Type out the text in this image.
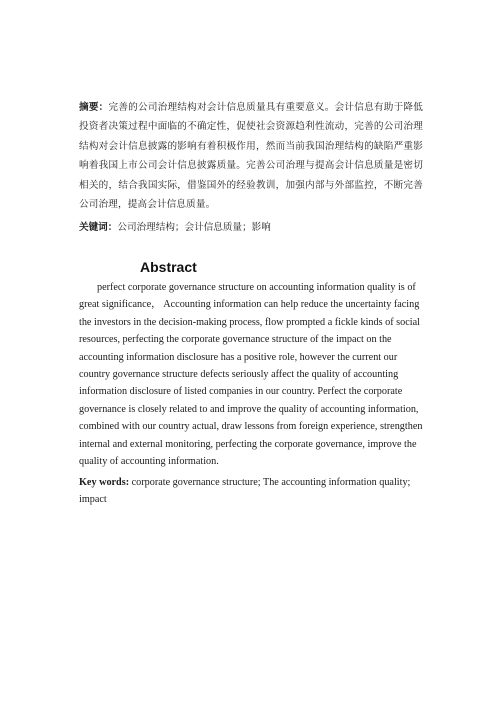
摘要：完善的公司治理结构对会计信息质量具有重要意义。会计信息有助于降低投资者决策过程中面临的不确定性，促使社会资源趋利性流动，完善的公司治理结构对会计信息披露的影响有着积极作用，然而当前我国治理结构的缺陷严重影响着我国上市公司会计信息披露质量。完善公司治理与提高会计信息质量是密切相关的，结合我国实际，借鉴国外的经验教训，加强内部与外部监控，不断完善公司治理，提高会计信息质量。
关键词：公司治理结构；会计信息质量；影响
Abstract
perfect corporate governance structure on accounting information quality is of great significance， Accounting information can help reduce the uncertainty facing the investors in the decision-making process, flow prompted a fickle kinds of social resources, perfecting the corporate governance structure of the impact on the accounting information disclosure has a positive role, however the current our country governance structure defects seriously affect the quality of accounting information disclosure of listed companies in our country. Perfect the corporate governance is closely related to and improve the quality of accounting information, combined with our country actual, draw lessons from foreign experience, strengthen internal and external monitoring, perfecting the corporate governance, improve the quality of accounting information.
Key words: corporate governance structure; The accounting information quality; impact
